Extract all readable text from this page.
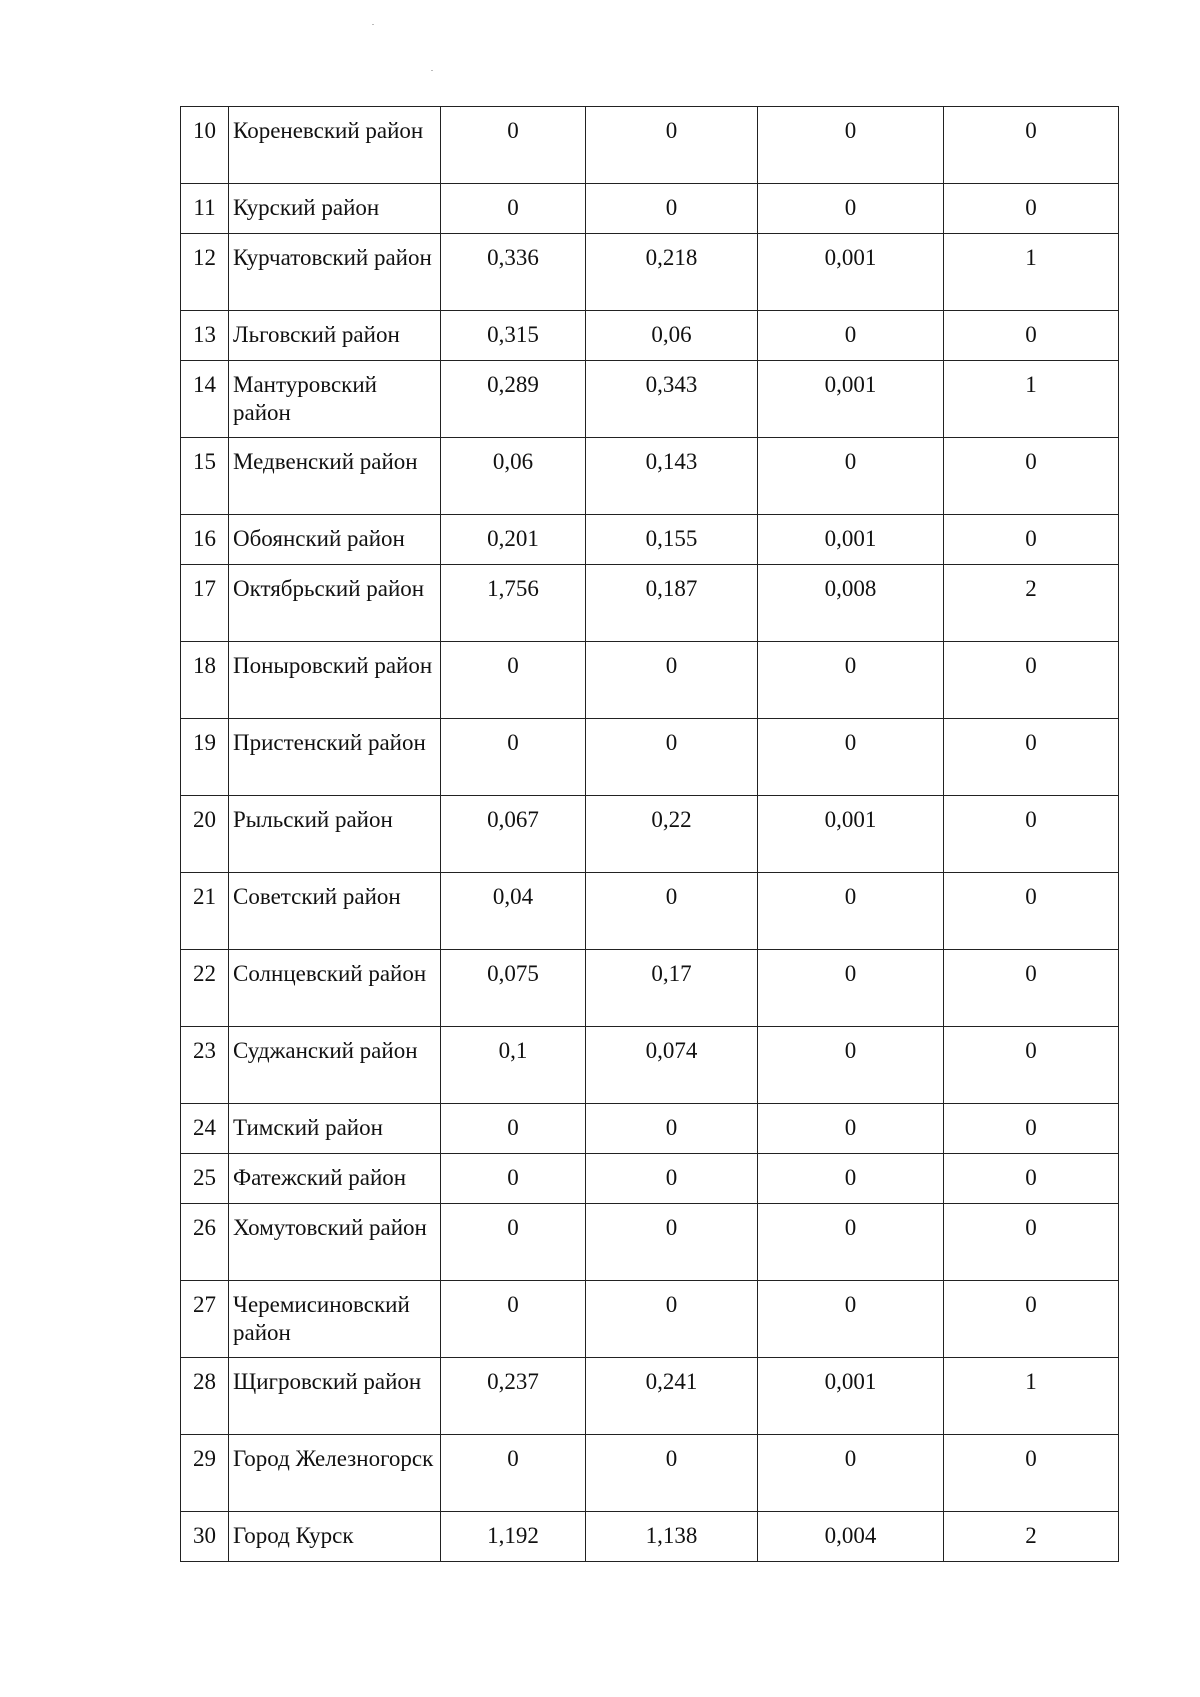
10	Кореневский район	0	0	0	0
11	Курский район	0	0	0	0
12	Курчатовский район	0,336	0,218	0,001	1
13	Льговский район	0,315	0,06	0	0
14	Мантуровский район	0,289	0,343	0,001	1
15	Медвенский район	0,06	0,143	0	0
16	Обоянский район	0,201	0,155	0,001	0
17	Октябрьский район	1,756	0,187	0,008	2
18	Поныровский район	0	0	0	0
19	Пристенский район	0	0	0	0
20	Рыльский район	0,067	0,22	0,001	0
21	Советский район	0,04	0	0	0
22	Солнцевский район	0,075	0,17	0	0
23	Суджанский район	0,1	0,074	0	0
24	Тимский район	0	0	0	0
25	Фатежский район	0	0	0	0
26	Хомутовский район	0	0	0	0
27	Черемисиновский район	0	0	0	0
28	Щигровский район	0,237	0,241	0,001	1
29	Город Железногорск	0	0	0	0
30	Город Курск	1,192	1,138	0,004	2
